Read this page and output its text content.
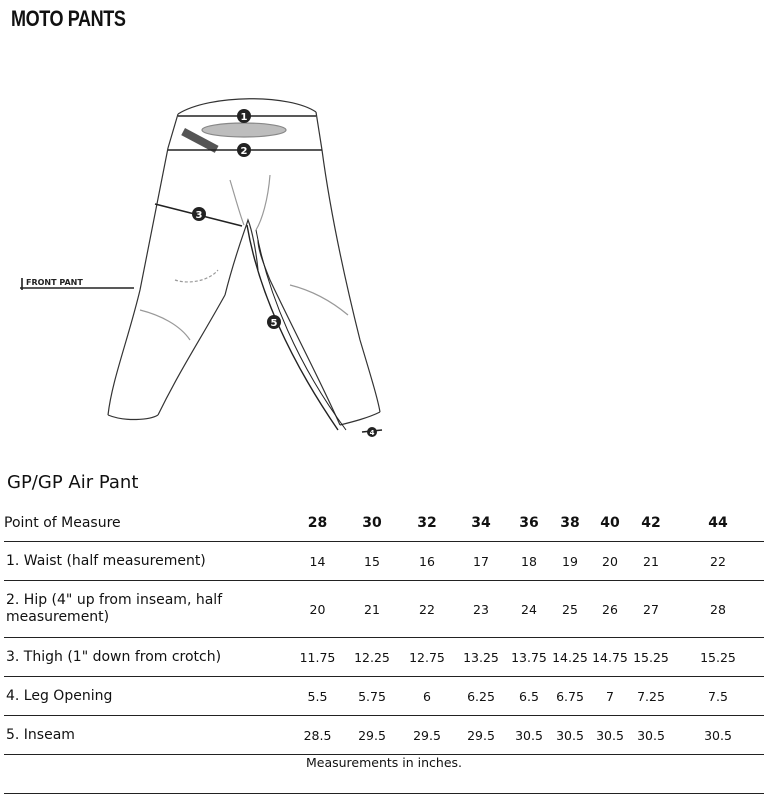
MOTO PANTS
1
2
3
4
5
FRONT PANT
GP/GP Air Pant
Point of Measure	28	30	32	34	36	38	40	42	44
1. Waist (half measurement)	14	15	16	17	18	19	20	21	22
2. Hip (4" up from inseam, half measurement)	20	21	22	23	24	25	26	27	28
3. Thigh (1" down from crotch)	11.75	12.25	12.75	13.25	13.75	14.25	14.75	15.25	15.25
4. Leg Opening	5.5	5.75	6	6.25	6.5	6.75	7	7.25	7.5
5. Inseam	28.5	29.5	29.5	29.5	30.5	30.5	30.5	30.5	30.5
Measurements in inches.									
